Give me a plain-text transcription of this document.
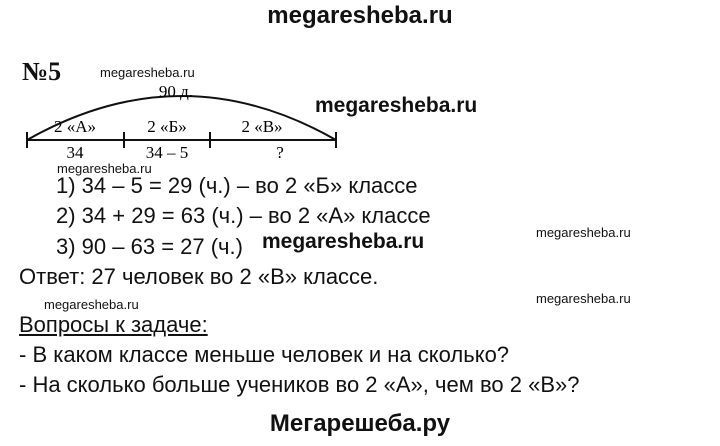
megaresheba.ru
№5	megaresheba.ru
90 д.
2 «А»	2 «Б»	2 «В»
34	34 – 5	?
megaresheba.ru
megaresheba.ru
1) 34 – 5 = 29 (ч.) – во 2 «Б» классе
2) 34 + 29 = 63 (ч.) – во 2 «А» классе
3) 90 – 63 = 27 (ч.) megaresheba.ru	megaresheba.ru
Ответ: 27 человек во 2 «В» классе.
megaresheba.ru	megaresheba.ru
Вопросы к задаче:
- В каком классе меньше человек и на сколько?
- На сколько больше учеников во 2 «А», чем во 2 «В»?
Мегарешеба.ру
